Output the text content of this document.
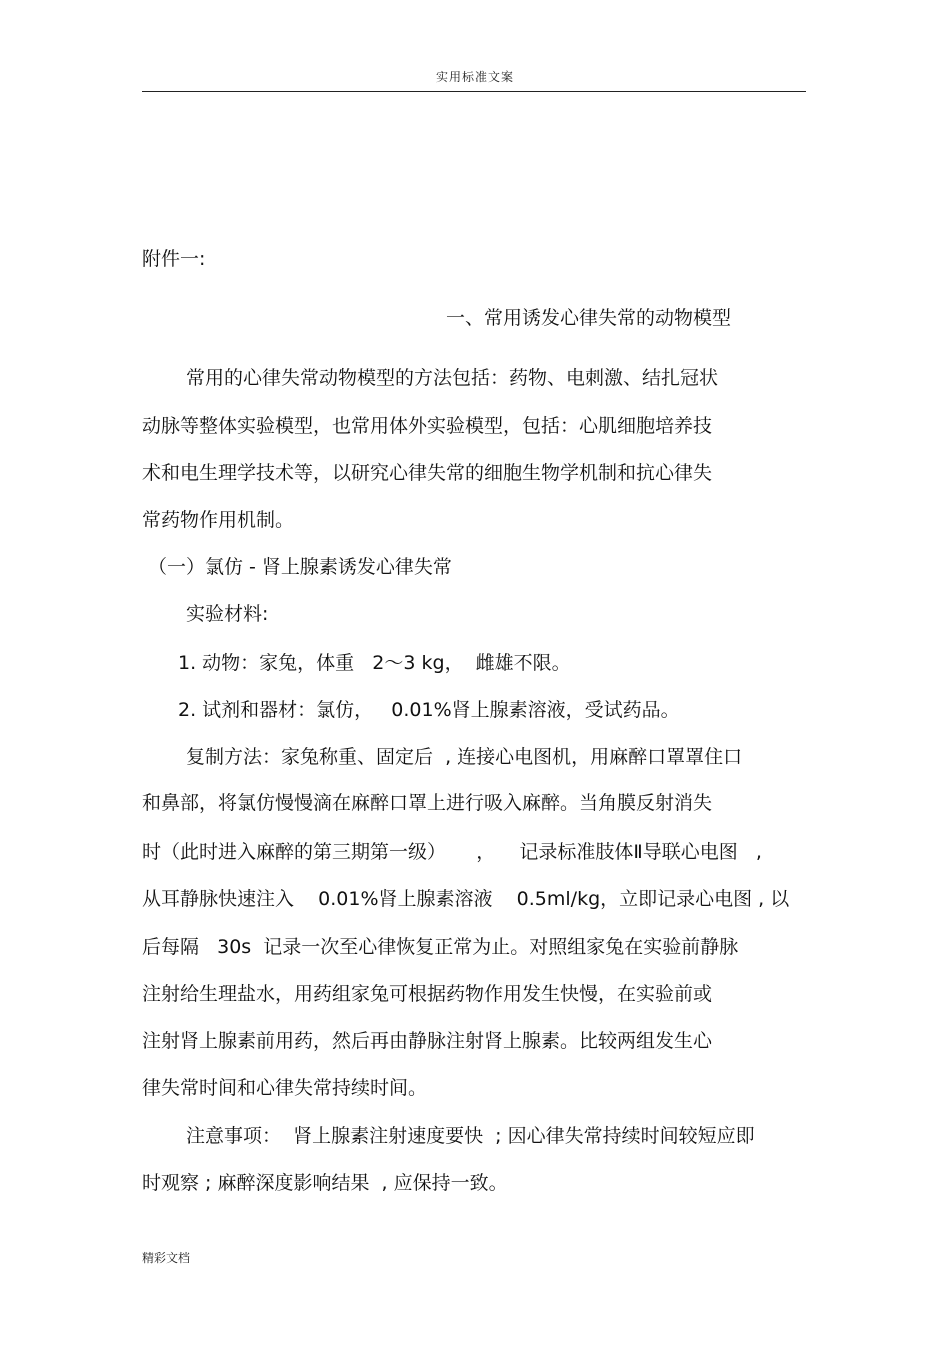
实用标准文案
附件一:
一、常用诱发心律失常的动物模型
常用的心律失常动物模型的方法包括：药物、电刺激、结扎冠状
动脉等整体实验模型，也常用体外实验模型，包括：心肌细胞培养技
术和电生理学技术等，以研究心律失常的细胞生物学机制和抗心律失
常药物作用机制。
（一）氯仿 - 肾上腺素诱发心律失常
实验材料:
1. 动物：家兔，体重   2～3 kg，  雌雄不限。
2. 试剂和器材：氯仿，   0.01%肾上腺素溶液，受试药品。
复制方法：家兔称重、固定后  , 连接心电图机，用麻醉口罩罩住口
和鼻部，将氯仿慢慢滴在麻醉口罩上进行吸入麻醉。当角膜反射消失
时（此时进入麻醉的第三期第一级）     ，    记录标准肢体Ⅱ导联心电图   ,
从耳静脉快速注入    0.01%肾上腺素溶液    0.5ml/kg，立即记录心电图 , 以
后每隔   30s  记录一次至心律恢复正常为止。对照组家兔在实验前静脉
注射给生理盐水，用药组家兔可根据药物作用发生快慢，在实验前或
注射肾上腺素前用药，然后再由静脉注射肾上腺素。比较两组发生心
律失常时间和心律失常持续时间。
注意事项：  肾上腺素注射速度要快  ; 因心律失常持续时间较短应即
时观察 ; 麻醉深度影响结果  , 应保持一致。
精彩文档
